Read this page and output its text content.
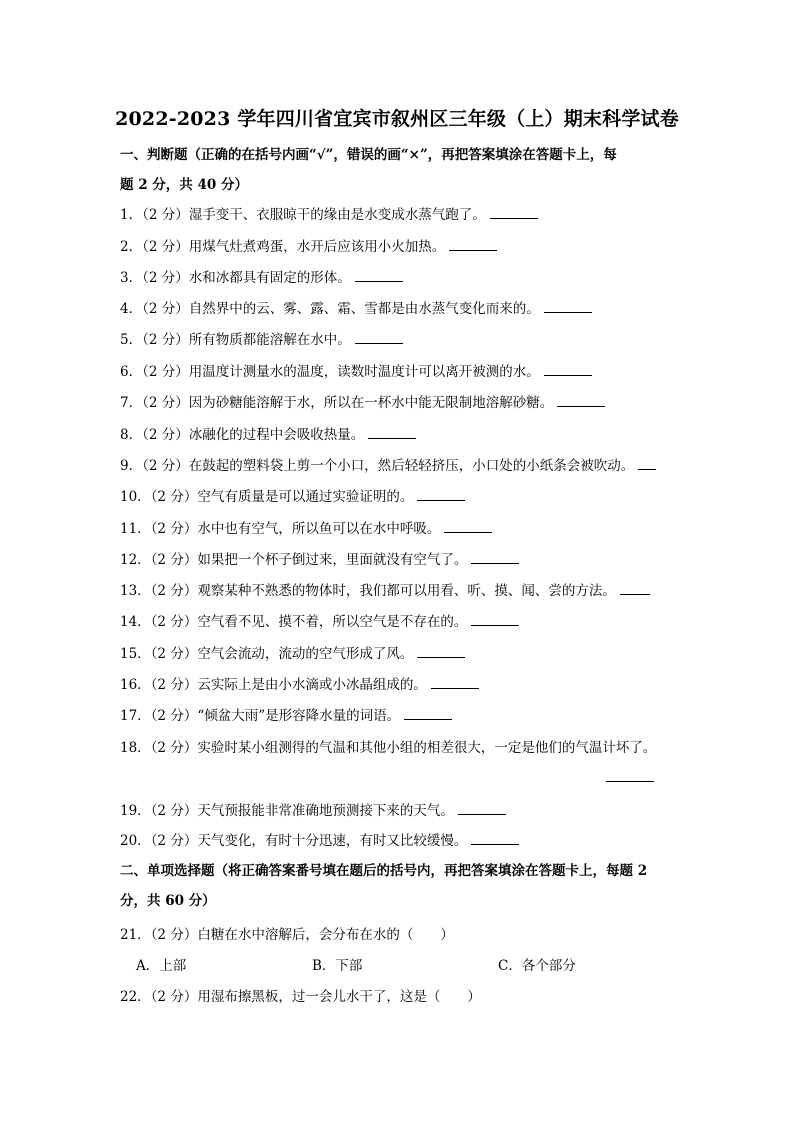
2022-2023 学年四川省宜宾市叙州区三年级（上）期末科学试卷
一、判断题（正确的在括号内画“√”，错误的画“×”，再把答案填涂在答题卡上，每
题 2 分，共 40 分）
1．（2 分）湿手变干、衣服晾干的缘由是水变成水蒸气跑了。
2．（2 分）用煤气灶煮鸡蛋，水开后应该用小火加热。
3．（2 分）水和冰都具有固定的形体。
4．（2 分）自然界中的云、雾、露、霜、雪都是由水蒸气变化而来的。
5．（2 分）所有物质都能溶解在水中。
6．（2 分）用温度计测量水的温度，读数时温度计可以离开被测的水。
7．（2 分）因为砂糖能溶解于水，所以在一杯水中能无限制地溶解砂糖。
8．（2 分）冰融化的过程中会吸收热量。
9．（2 分）在鼓起的塑料袋上剪一个小口，然后轻轻挤压，小口处的小纸条会被吹动。
10．（2 分）空气有质量是可以通过实验证明的。
11．（2 分）水中也有空气，所以鱼可以在水中呼吸。
12．（2 分）如果把一个杯子倒过来，里面就没有空气了。
13．（2 分）观察某种不熟悉的物体时，我们都可以用看、听、摸、闻、尝的方法。
14．（2 分）空气看不见、摸不着，所以空气是不存在的。
15．（2 分）空气会流动，流动的空气形成了风。
16．（2 分）云实际上是由小水滴或小冰晶组成的。
17．（2 分）“倾盆大雨”是形容降水量的词语。
18．（2 分）实验时某小组测得的气温和其他小组的相差很大，一定是他们的气温计坏了。
19．（2 分）天气预报能非常准确地预测接下来的天气。
20．（2 分）天气变化，有时十分迅速，有时又比较缓慢。
二、单项选择题（将正确答案番号填在题后的括号内，再把答案填涂在答题卡上，每题 2
分，共 60 分）
21．（2 分）白糖在水中溶解后，会分布在水的（　　）
A．上部	B．下部	C．各个部分
22．（2 分）用湿布擦黑板，过一会儿水干了，这是（　　）
